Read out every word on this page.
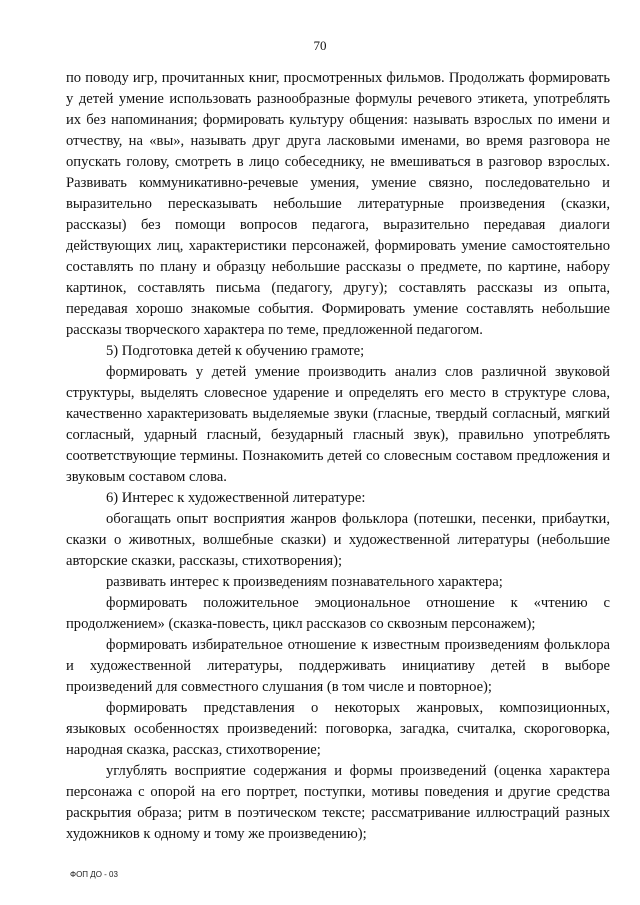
70

по поводу игр, прочитанных книг, просмотренных фильмов. Продолжать формировать у детей умение использовать разнообразные формулы речевого этикета, употреблять их без напоминания; формировать культуру общения: называть взрослых по имени и отчеству, на «вы», называть друг друга ласковыми именами, во время разговора не опускать голову, смотреть в лицо собеседнику, не вмешиваться в разговор взрослых. Развивать коммуникативно-речевые умения, умение связно, последовательно и выразительно пересказывать небольшие литературные произведения (сказки, рассказы) без помощи вопросов педагога, выразительно передавая диалоги действующих лиц, характеристики персонажей, формировать умение самостоятельно составлять по плану и образцу небольшие рассказы о предмете, по картине, набору картинок, составлять письма (педагогу, другу); составлять рассказы из опыта, передавая хорошо знакомые события. Формировать умение составлять небольшие рассказы творческого характера по теме, предложенной педагогом.

5) Подготовка детей к обучению грамоте;

формировать у детей умение производить анализ слов различной звуковой структуры, выделять словесное ударение и определять его место в структуре слова, качественно характеризовать выделяемые звуки (гласные, твердый согласный, мягкий согласный, ударный гласный, безударный гласный звук), правильно употреблять соответствующие термины. Познакомить детей со словесным составом предложения и звуковым составом слова.

6) Интерес к художественной литературе:

обогащать опыт восприятия жанров фольклора (потешки, песенки, прибаутки, сказки о животных, волшебные сказки) и художественной литературы (небольшие авторские сказки, рассказы, стихотворения);

развивать интерес к произведениям познавательного характера;

формировать положительное эмоциональное отношение к «чтению с продолжением» (сказка-повесть, цикл рассказов со сквозным персонажем);

формировать избирательное отношение к известным произведениям фольклора и художественной литературы, поддерживать инициативу детей в выборе произведений для совместного слушания (в том числе и повторное);

формировать представления о некоторых жанровых, композиционных, языковых особенностях произведений: поговорка, загадка, считалка, скороговорка, народная сказка, рассказ, стихотворение;

углублять восприятие содержания и формы произведений (оценка характера персонажа с опорой на его портрет, поступки, мотивы поведения и другие средства раскрытия образа; ритм в поэтическом тексте; рассматривание иллюстраций разных художников к одному и тому же произведению);

ФОП ДО - 03
